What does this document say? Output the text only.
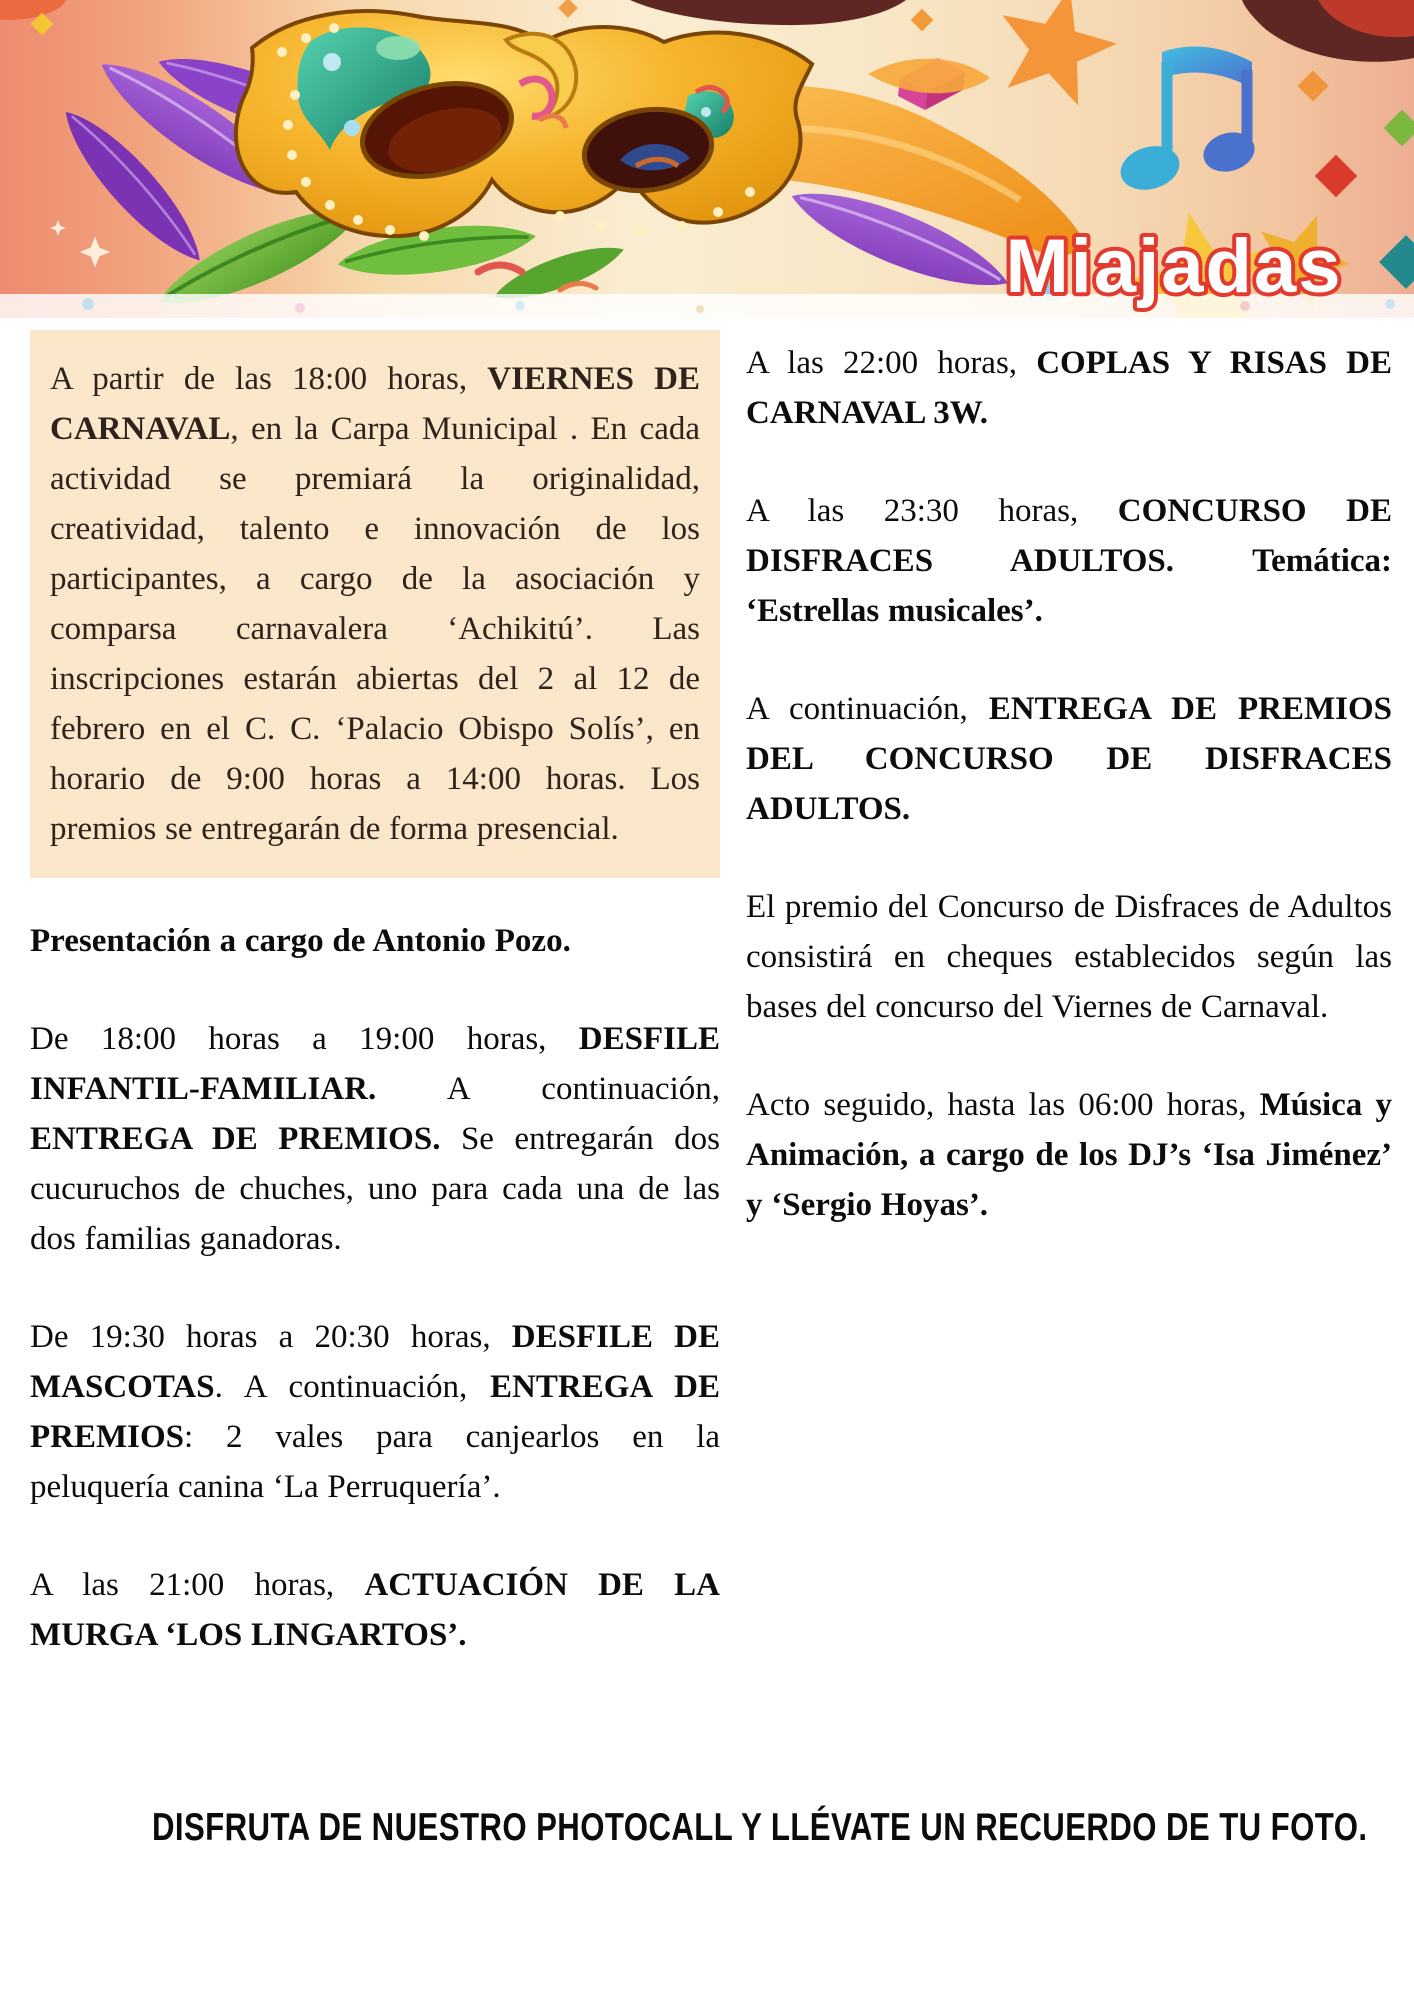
Miajadas

A partir de las 18:00 horas, VIERNES DE CARNAVAL, en la Carpa Municipal . En cada actividad se premiará la originalidad, creatividad, talento e innovación de los participantes, a cargo de la asociación y comparsa carnavalera ‘Achikitú’. Las inscripciones estarán abiertas del 2 al 12 de febrero en el C. C. ‘Palacio Obispo Solís’, en horario de 9:00 horas a 14:00 horas. Los premios se entregarán de forma presencial.

Presentación a cargo de Antonio Pozo.

De 18:00 horas a 19:00 horas, DESFILE INFANTIL-FAMILIAR. A continuación, ENTREGA DE PREMIOS. Se entregarán dos cucuruchos de chuches, uno para cada una de las dos familias ganadoras.

De 19:30 horas a 20:30 horas, DESFILE DE MASCOTAS. A continuación, ENTREGA DE PREMIOS: 2 vales para canjearlos en la peluquería canina ‘La Perruquería’.

A las 21:00 horas, ACTUACIÓN DE LA MURGA ‘LOS LINGARTOS’.

A las 22:00 horas, COPLAS Y RISAS DE CARNAVAL 3W.

A las 23:30 horas, CONCURSO DE DISFRACES ADULTOS. Temática: ‘Estrellas musicales’.

A continuación, ENTREGA DE PREMIOS DEL CONCURSO DE DISFRACES ADULTOS.

El premio del Concurso de Disfraces de Adultos consistirá en cheques establecidos según las bases del concurso del Viernes de Carnaval.

Acto seguido, hasta las 06:00 horas, Música y Animación, a cargo de los DJ’s ‘Isa Jiménez’ y ‘Sergio Hoyas’.

DISFRUTA DE NUESTRO PHOTOCALL Y LLÉVATE UN RECUERDO DE TU FOTO.
